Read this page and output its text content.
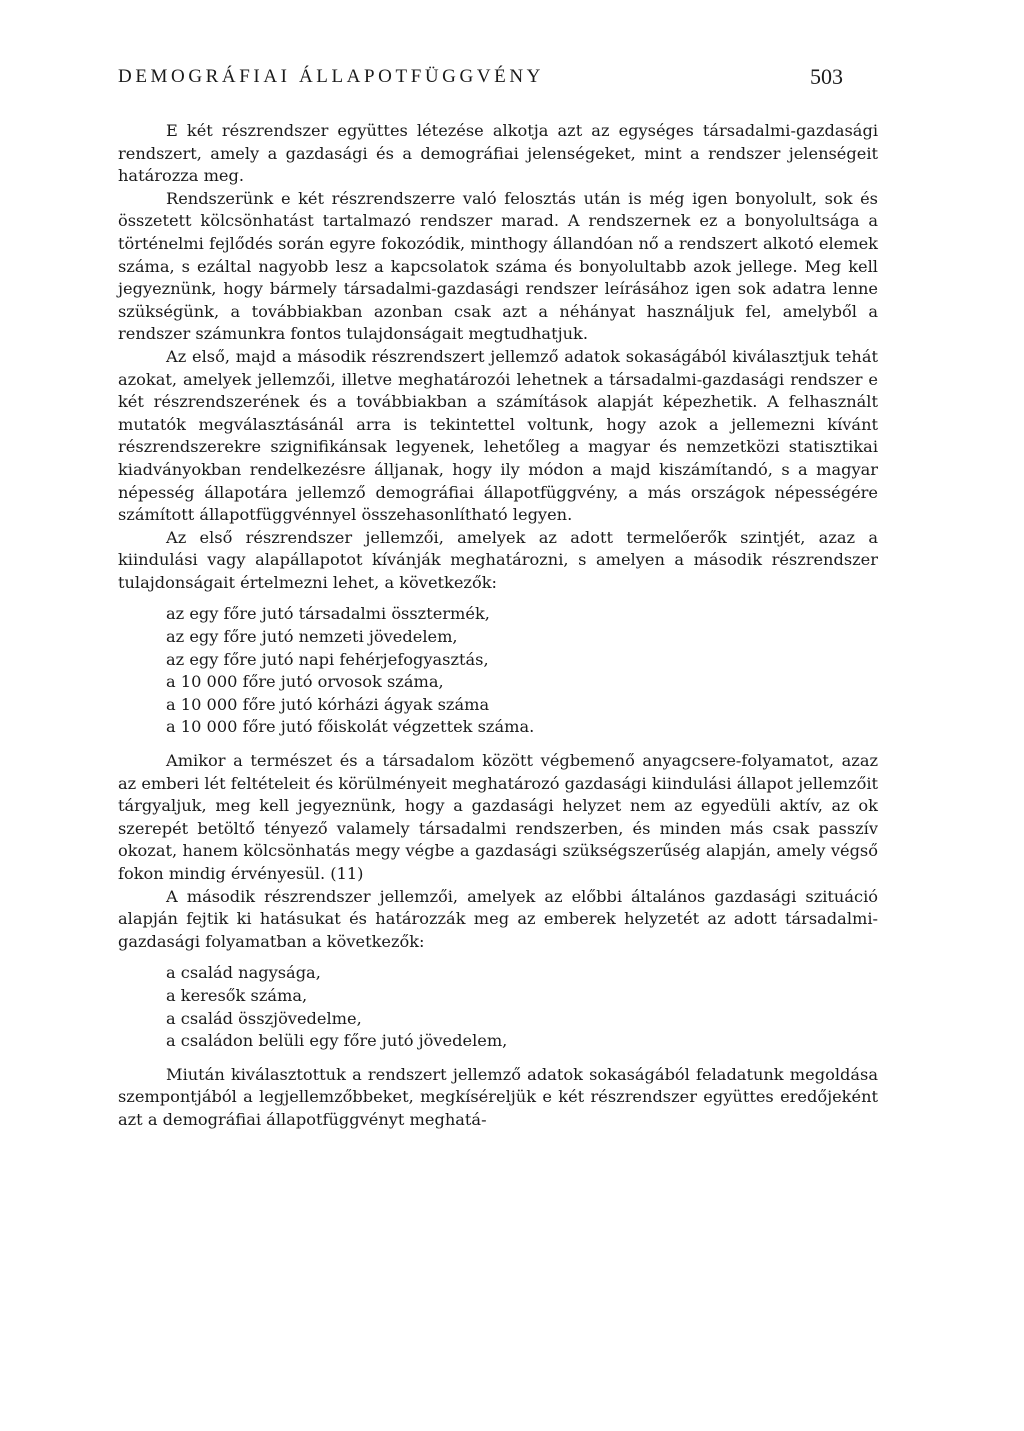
DEMOGRÁFIAI ÁLLAPOTFÜGGVÉNY	503

E két részrendszer együttes létezése alkotja azt az egységes társadalmi-gazdasági rendszert, amely a gazdasági és a demográfiai jelenségeket, mint a rendszer jelenségeit határozza meg.

Rendszerünk e két részrendszerre való felosztás után is még igen bonyolult, sok és összetett kölcsönhatást tartalmazó rendszer marad. A rendszernek ez a bonyolultsága a történelmi fejlődés során egyre fokozódik, minthogy állandóan nő a rendszert alkotó elemek száma, s ezáltal nagyobb lesz a kapcsolatok száma és bonyolultabb azok jellege. Meg kell jegyeznünk, hogy bármely társadalmi-gazdasági rendszer leírásához igen sok adatra lenne szükségünk, a továbbiakban azonban csak azt a néhányat használjuk fel, amelyből a rendszer számunkra fontos tulajdonságait megtudhatjuk.

Az első, majd a második részrendszert jellemző adatok sokaságából kiválasztjuk tehát azokat, amelyek jellemzői, illetve meghatározói lehetnek a társadalmi-gazdasági rendszer e két részrendszerének és a továbbiakban a számítások alapját képezhetik. A felhasznált mutatók megválasztásánál arra is tekintettel voltunk, hogy azok a jellemezni kívánt részrendszerekre szignifikánsak legyenek, lehetőleg a magyar és nemzetközi statisztikai kiadványokban rendelkezésre álljanak, hogy ily módon a majd kiszámítandó, s a magyar népesség állapotára jellemző demográfiai állapotfüggvény, a más országok népességére számított állapotfüggvénnyel összehasonlítható legyen.

Az első részrendszer jellemzői, amelyek az adott termelőerők szintjét, azaz a kiindulási vagy alapállapotot kívánják meghatározni, s amelyen a második részrendszer tulajdonságait értelmezni lehet, a következők:

az egy főre jutó társadalmi össztermék,
az egy főre jutó nemzeti jövedelem,
az egy főre jutó napi fehérjefogyasztás,
a 10 000 főre jutó orvosok száma,
a 10 000 főre jutó kórházi ágyak száma
a 10 000 főre jutó főiskolát végzettek száma.

Amikor a természet és a társadalom között végbemenő anyagcsere-folyamatot, azaz az emberi lét feltételeit és körülményeit meghatározó gazdasági kiindulási állapot jellemzőit tárgyaljuk, meg kell jegyeznünk, hogy a gazdasági helyzet nem az egyedüli aktív, az ok szerepét betöltő tényező valamely társadalmi rendszerben, és minden más csak passzív okozat, hanem kölcsönhatás megy végbe a gazdasági szükségszerűség alapján, amely végső fokon mindig érvényesül. (11)

A második részrendszer jellemzői, amelyek az előbbi általános gazdasági szituáció alapján fejtik ki hatásukat és határozzák meg az emberek helyzetét az adott társadalmi-gazdasági folyamatban a következők:

a család nagysága,
a keresők száma,
a család összjövedelme,
a családon belüli egy főre jutó jövedelem,

Miután kiválasztottuk a rendszert jellemző adatok sokaságából feladatunk megoldása szempontjából a legjellemzőbbeket, megkíséreljük e két részrendszer együttes eredőjeként azt a demográfiai állapotfüggvényt meghatá-
